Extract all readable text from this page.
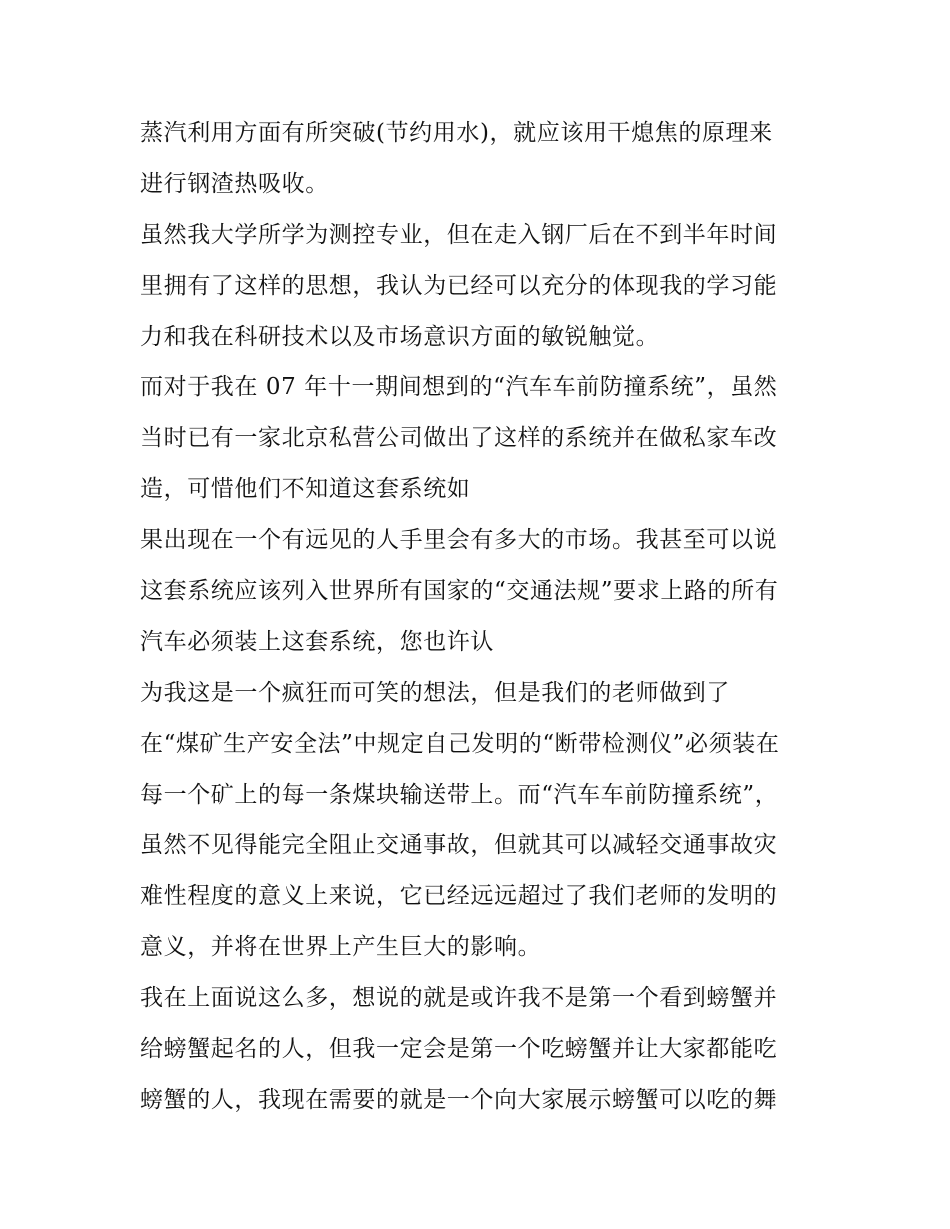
蒸汽利用方面有所突破(节约用水)，就应该用干熄焦的原理来
进行钢渣热吸收。
虽然我大学所学为测控专业，但在走入钢厂后在不到半年时间
里拥有了这样的思想，我认为已经可以充分的体现我的学习能
力和我在科研技术以及市场意识方面的敏锐触觉。
而对于我在 07 年十一期间想到的“汽车车前防撞系统”，虽然
当时已有一家北京私营公司做出了这样的系统并在做私家车改
造，可惜他们不知道这套系统如
果出现在一个有远见的人手里会有多大的市场。我甚至可以说
这套系统应该列入世界所有国家的“交通法规”要求上路的所有
汽车必须装上这套系统，您也许认
为我这是一个疯狂而可笑的想法，但是我们的老师做到了
在“煤矿生产安全法”中规定自己发明的“断带检测仪”必须装在
每一个矿上的每一条煤块输送带上。而“汽车车前防撞系统”，
虽然不见得能完全阻止交通事故，但就其可以减轻交通事故灾
难性程度的意义上来说，它已经远远超过了我们老师的发明的
意义，并将在世界上产生巨大的影响。
我在上面说这么多，想说的就是或许我不是第一个看到螃蟹并
给螃蟹起名的人，但我一定会是第一个吃螃蟹并让大家都能吃
螃蟹的人，我现在需要的就是一个向大家展示螃蟹可以吃的舞
